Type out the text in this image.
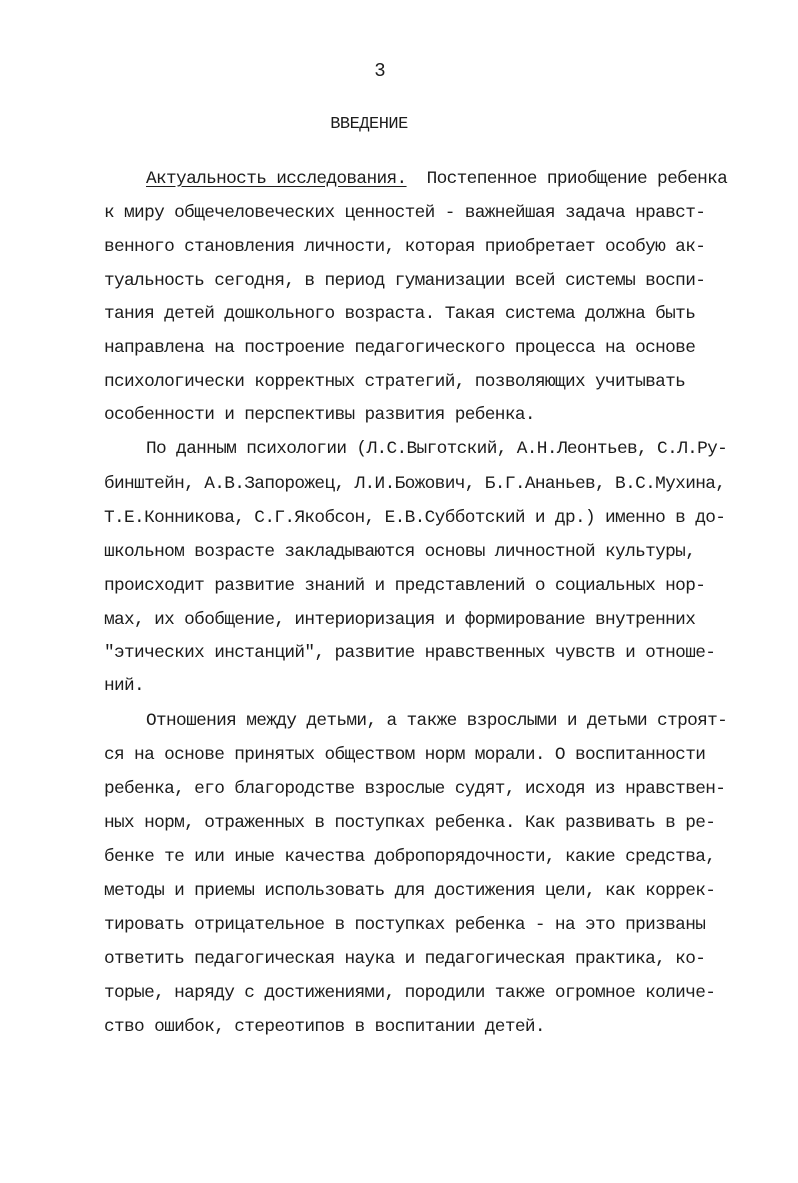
3
ВВЕДЕНИЕ
Актуальность исследования.  Постепенное приобщение ребенка
к миру общечеловеческих ценностей - важнейшая задача нравст-
венного становления личности, которая приобретает особую ак-
туальность сегодня, в период гуманизации всей системы воспи-
тания детей дошкольного возраста. Такая система должна быть
направлена на построение педагогического процесса на основе
психологически корректных стратегий, позволяющих учитывать
особенности и перспективы развития ребенка.
По данным психологии (Л.С.Выготский, А.Н.Леонтьев, С.Л.Ру-
бинштейн, А.В.Запорожец, Л.И.Божович, Б.Г.Ананьев, В.С.Мухина,
Т.Е.Конникова, С.Г.Якобсон, Е.В.Субботский и др.) именно в до-
школьном возрасте закладываются основы личностной культуры,
происходит развитие знаний и представлений о социальных нор-
мах, их обобщение, интериоризация и формирование внутренних
"этических инстанций", развитие нравственных чувств и отноше-
ний.
Отношения между детьми, а также взрослыми и детьми строят-
ся на основе принятых обществом норм морали. О воспитанности
ребенка, его благородстве взрослые судят, исходя из нравствен-
ных норм, отраженных в поступках ребенка. Как развивать в ре-
бенке те или иные качества добропорядочности, какие средства,
методы и приемы использовать для достижения цели, как коррек-
тировать отрицательное в поступках ребенка - на это призваны
ответить педагогическая наука и педагогическая практика, ко-
торые, наряду с достижениями, породили также огромное количе-
ство ошибок, стереотипов в воспитании детей.
